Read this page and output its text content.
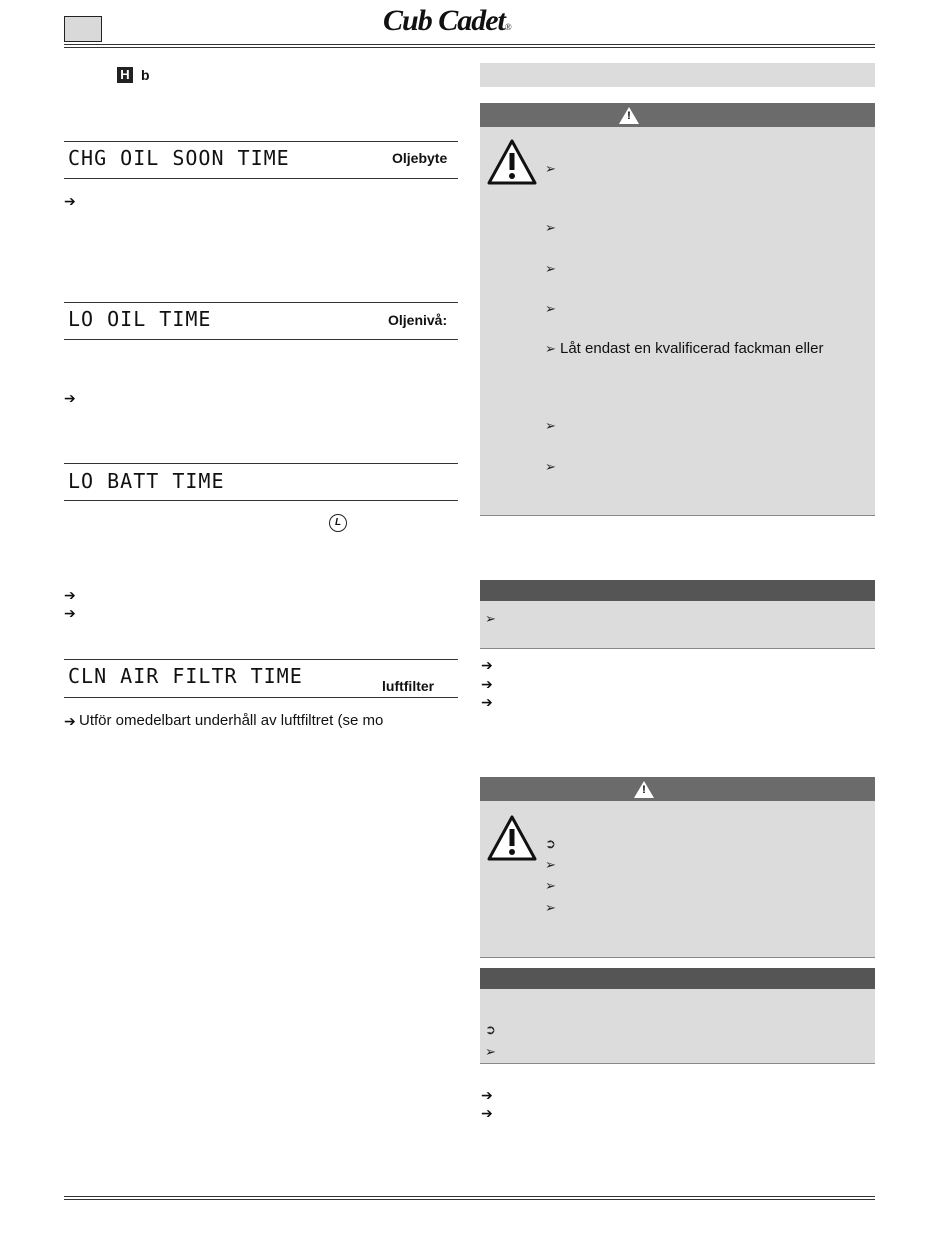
Cub Cadet®
H b
CHG OIL SOON TIME	Oljebyte
➔
LO OIL TIME	Oljenivå:
➔
LO BATT TIME
L
➔
➔
CLN AIR FILTR TIME	luftfilter
➔ Utför omedelbart underhåll av luftfiltret (se mo
!
➢
➢
➢
➢
➢ Låt endast en kvalificerad fackman eller
➢
➢
➢
➔
➔
➔
!
➲
➢
➢
➢
➲
➢
➔
➔
